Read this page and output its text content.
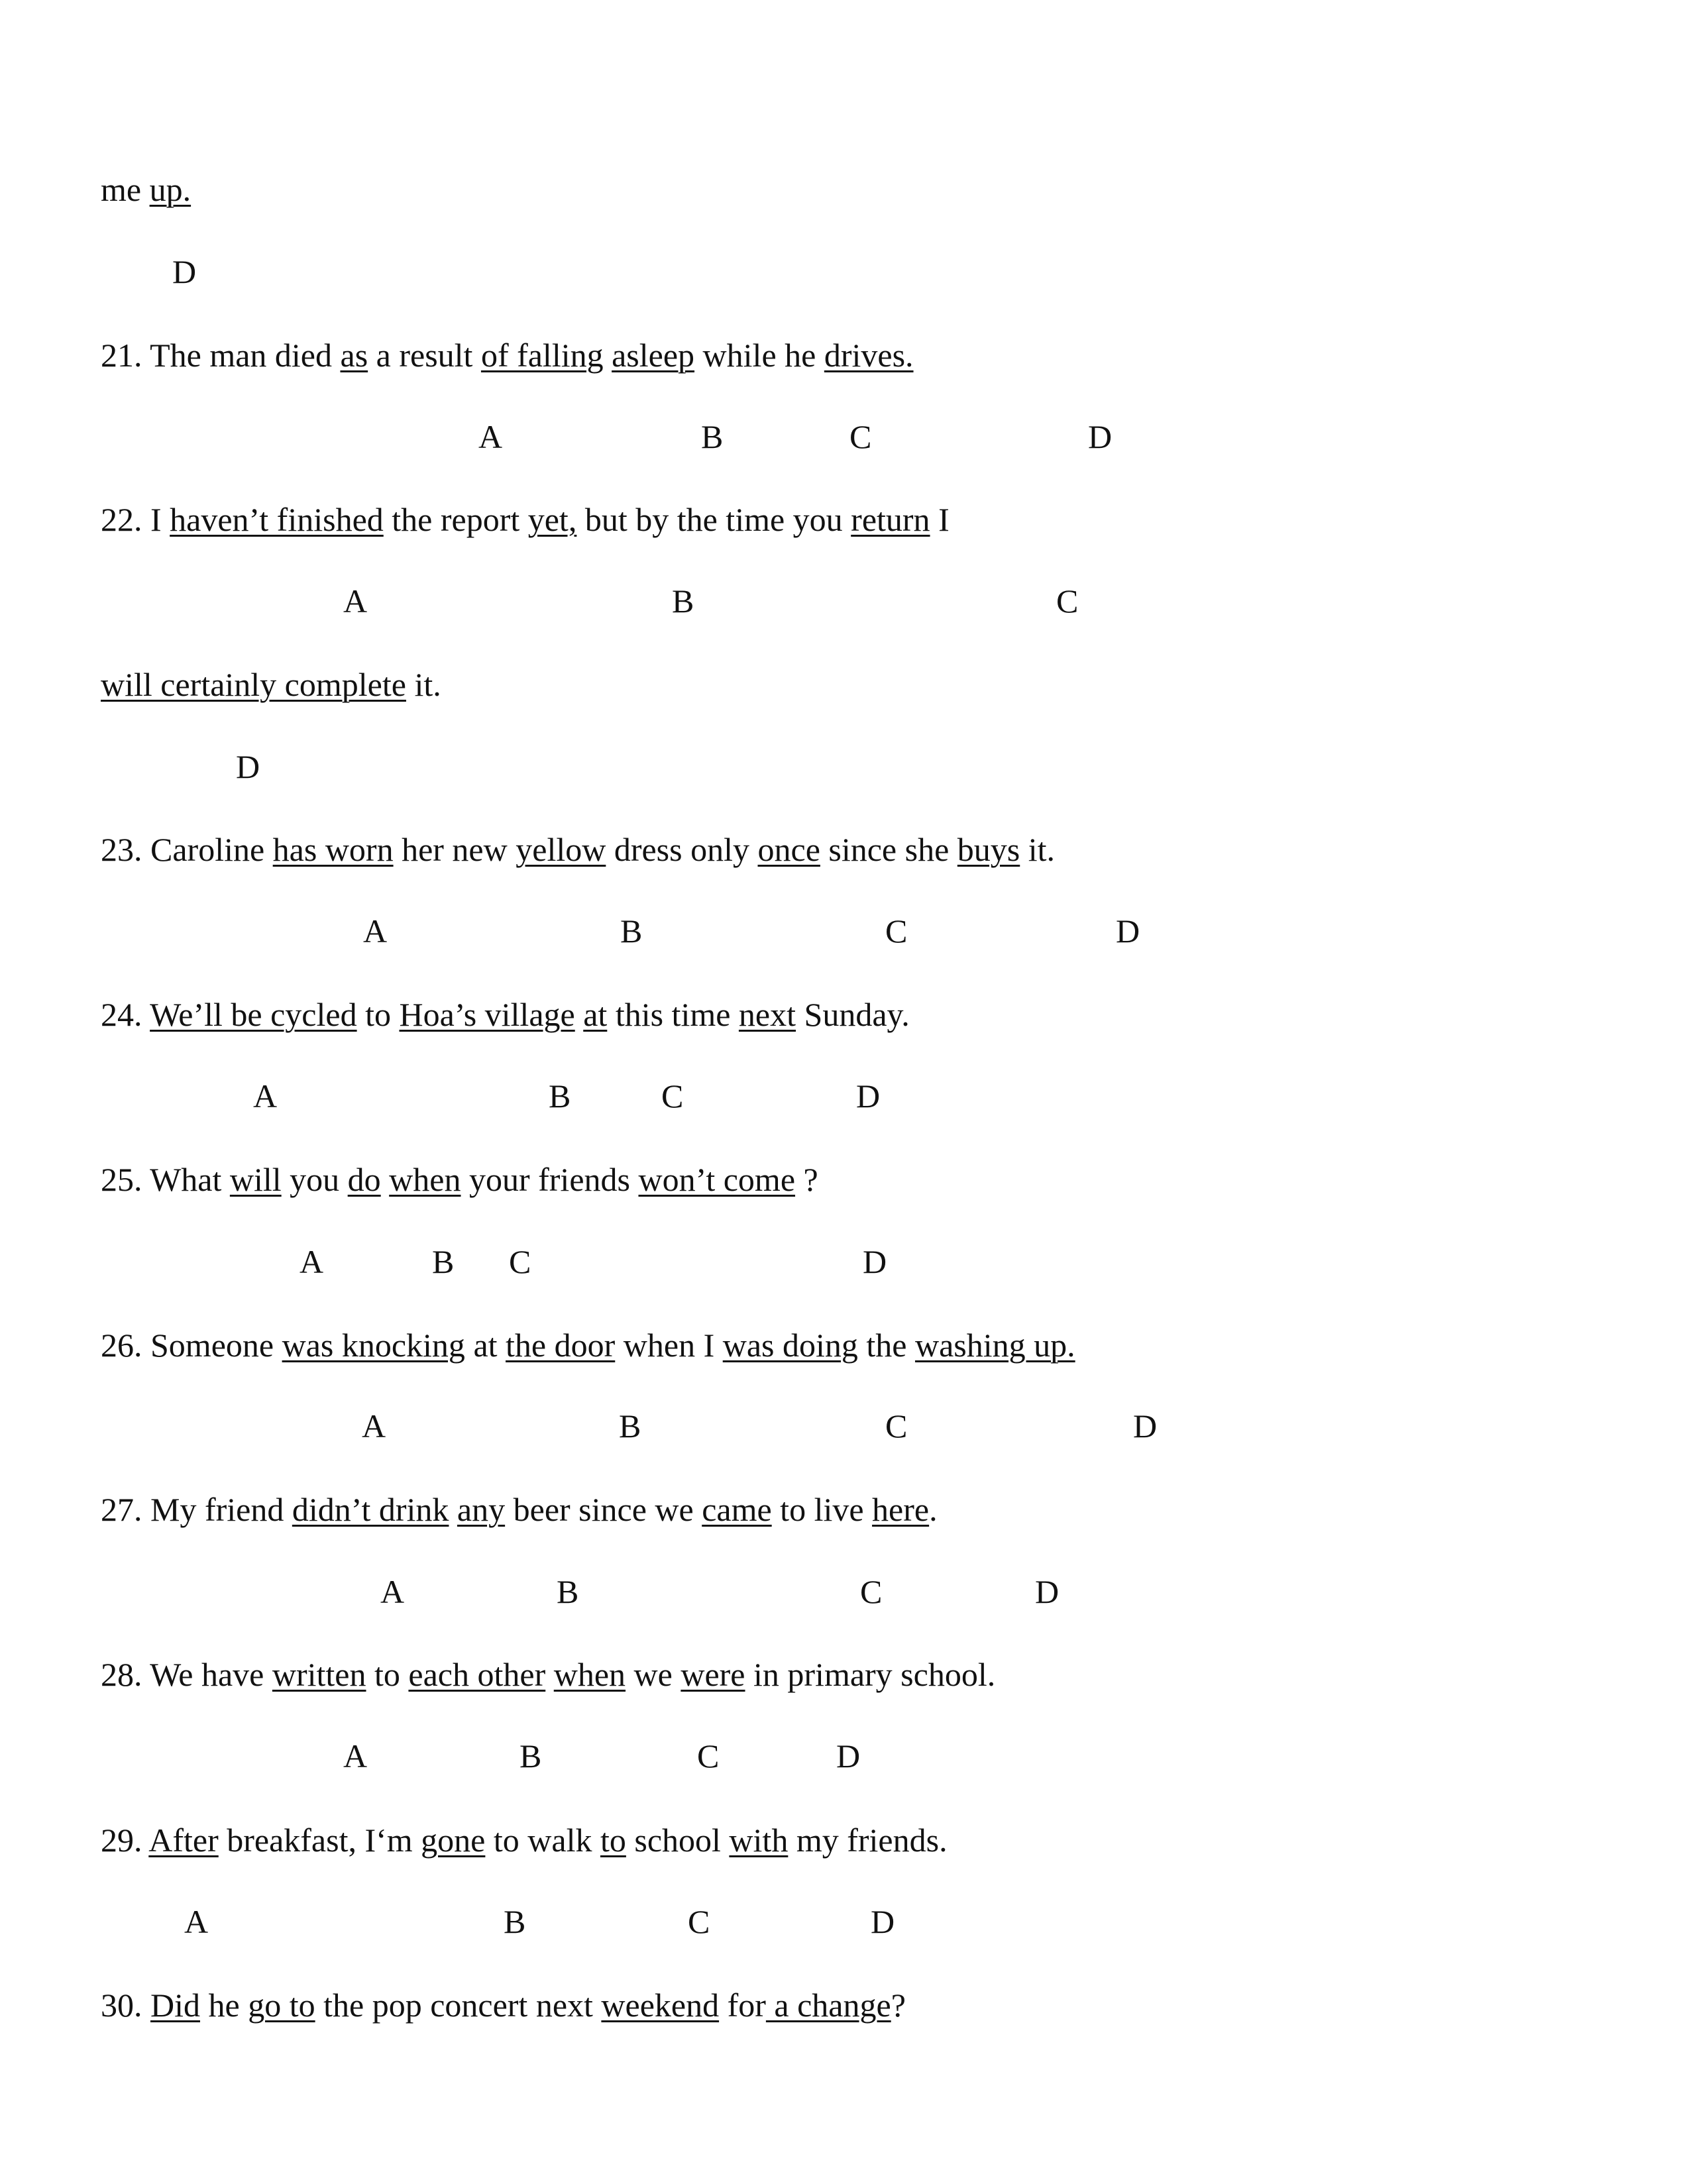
me up.
21. The man died as a result of falling asleep while he drives.
22. I haven’t finished the report yet, but by the time you return I
will certainly complete it.
23. Caroline has worn her new yellow dress only once since she buys it.
24. We’ll be cycled to Hoa’s village at this time next Sunday.
25. What will you do when your friends won’t come ?
26. Someone was knocking at the door when I was doing the washing up.
27. My friend didn’t drink any beer since we came to live here.
28. We have written to each other when we were in primary school.
29. After breakfast, I‘m gone to walk to school with my friends.
30. Did he go to the pop concert next weekend for a change?
D
A	B	C	D
A	B	C
D
A	B	C	D
A	B	C	D
A	B C	D
A	B	C	D
A	B	C	D
A	B	C	D
A	B	C	D
